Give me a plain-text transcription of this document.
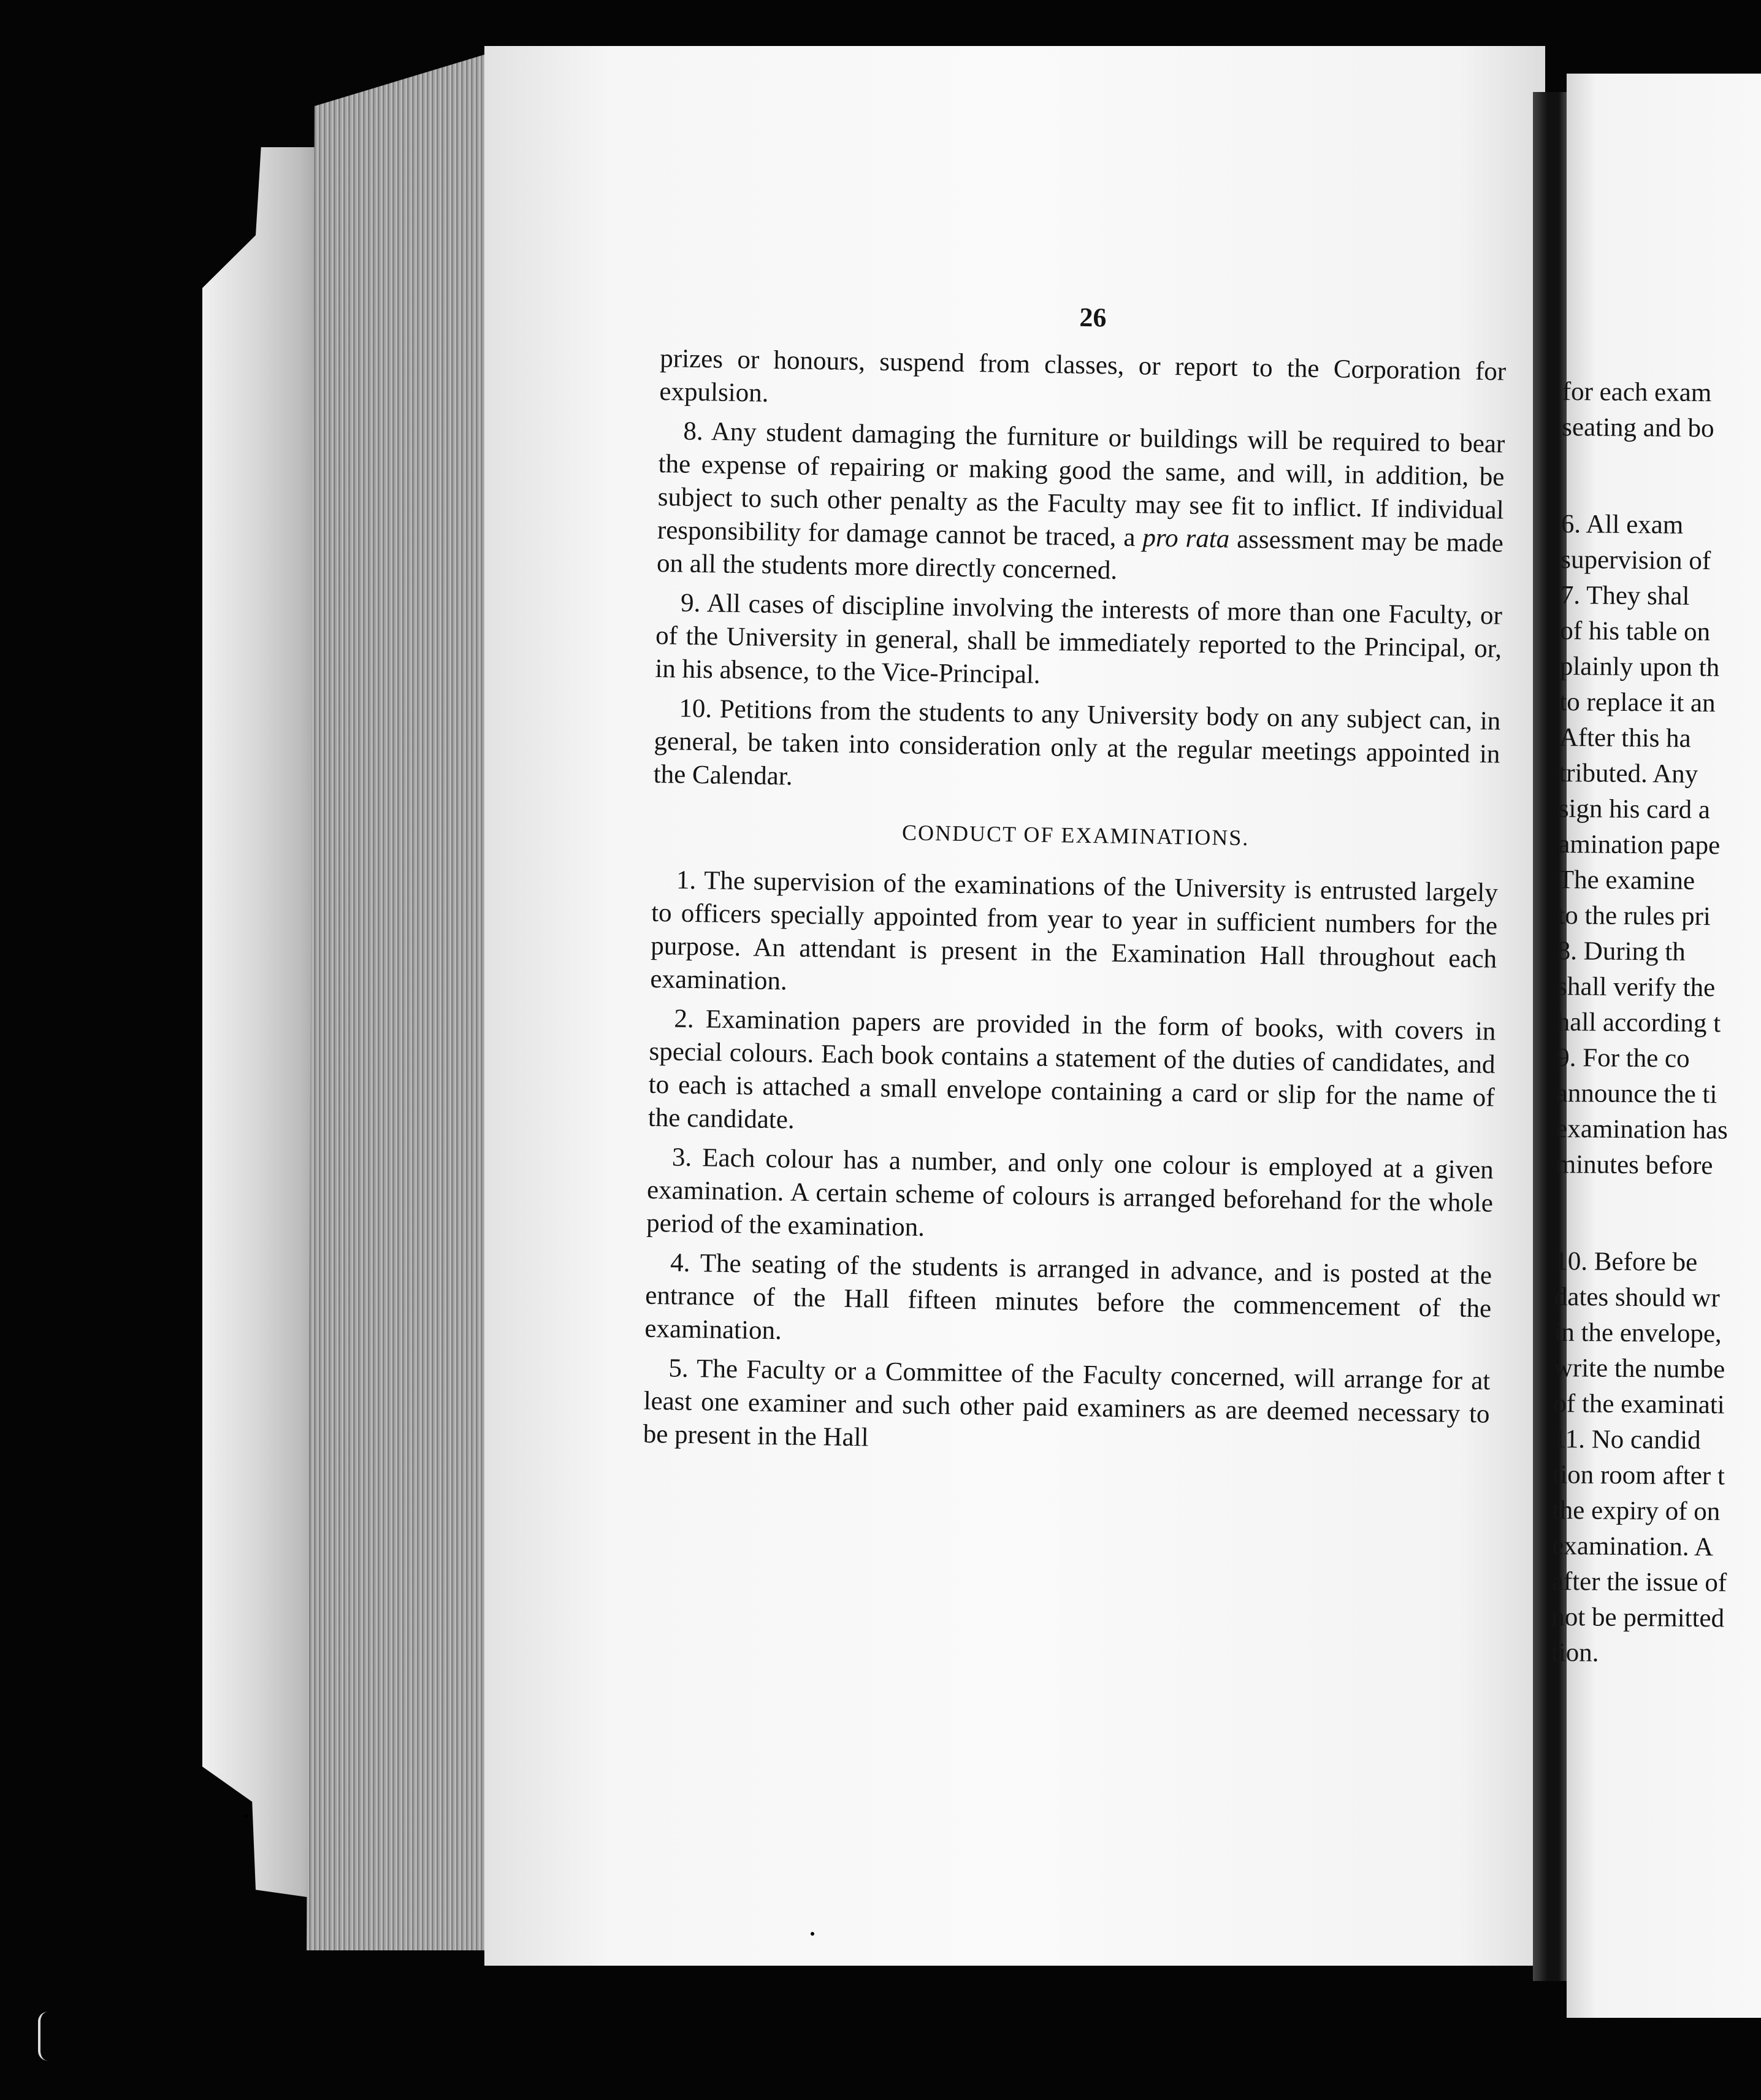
26

prizes or honours, suspend from classes, or report to the Corporation for expulsion.

8. Any student damaging the furniture or buildings will be required to bear the expense of repairing or making good the same, and will, in addition, be subject to such other penalty as the Faculty may see fit to inflict. If individual responsibility for damage cannot be traced, a pro rata assessment may be made on all the students more directly concerned.

9. All cases of discipline involving the interests of more than one Faculty, or of the University in general, shall be immediately reported to the Principal, or, in his absence, to the Vice-Principal.

10. Petitions from the students to any University body on any subject can, in general, be taken into consideration only at the regular meetings appointed in the Calendar.

CONDUCT OF EXAMINATIONS.

1. The supervision of the examinations of the University is entrusted largely to officers specially appointed from year to year in sufficient numbers for the purpose. An attendant is present in the Examination Hall throughout each examination.

2. Examination papers are provided in the form of books, with covers in special colours. Each book contains a statement of the duties of candidates, and to each is attached a small envelope containing a card or slip for the name of the candidate.

3. Each colour has a number, and only one colour is employed at a given examination. A certain scheme of colours is arranged beforehand for the whole period of the examination.

4. The seating of the students is arranged in advance, and is posted at the entrance of the Hall fifteen minutes before the commencement of the examination.

5. The Faculty or a Committee of the Faculty concerned, will arrange for at least one examiner and such other paid examiners as are deemed necessary to be present in the Hall

for each exam
seating and bo
6. All exam
supervision of
7. They shal
of his table on
plainly upon th
to replace it an
After this ha
tributed. Any
sign his card a
amination pape
The examine
to the rules pri
8. During th
shall verify the
hall according t
9. For the co
announce the ti
examination has
minutes before
10. Before be
dates should wr
in the envelope,
write the numbe
of the examinati
11. No candid
tion room after t
the expiry of on
examination. A
after the issue of
not be permitted
tion.
